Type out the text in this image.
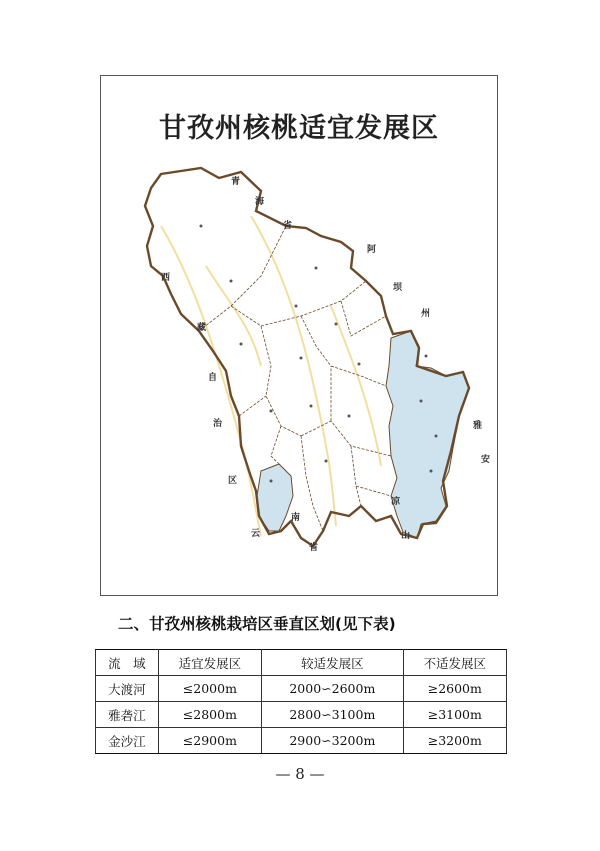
青
海
省
西
藏
自
治
区
阿
坝
州
雅
安
凉
山
云
南
省
甘孜州核桃适宜发展区
二、甘孜州核桃栽培区垂直区划(见下表)
流　域	适宜发展区	较适发展区	不适发展区
大渡河	≤2000m	2000∽2600m	≥2600m
雅砻江	≤2800m	2800∽3100m	≥3100m
金沙江	≤2900m	2900∽3200m	≥3200m
— 8 —
